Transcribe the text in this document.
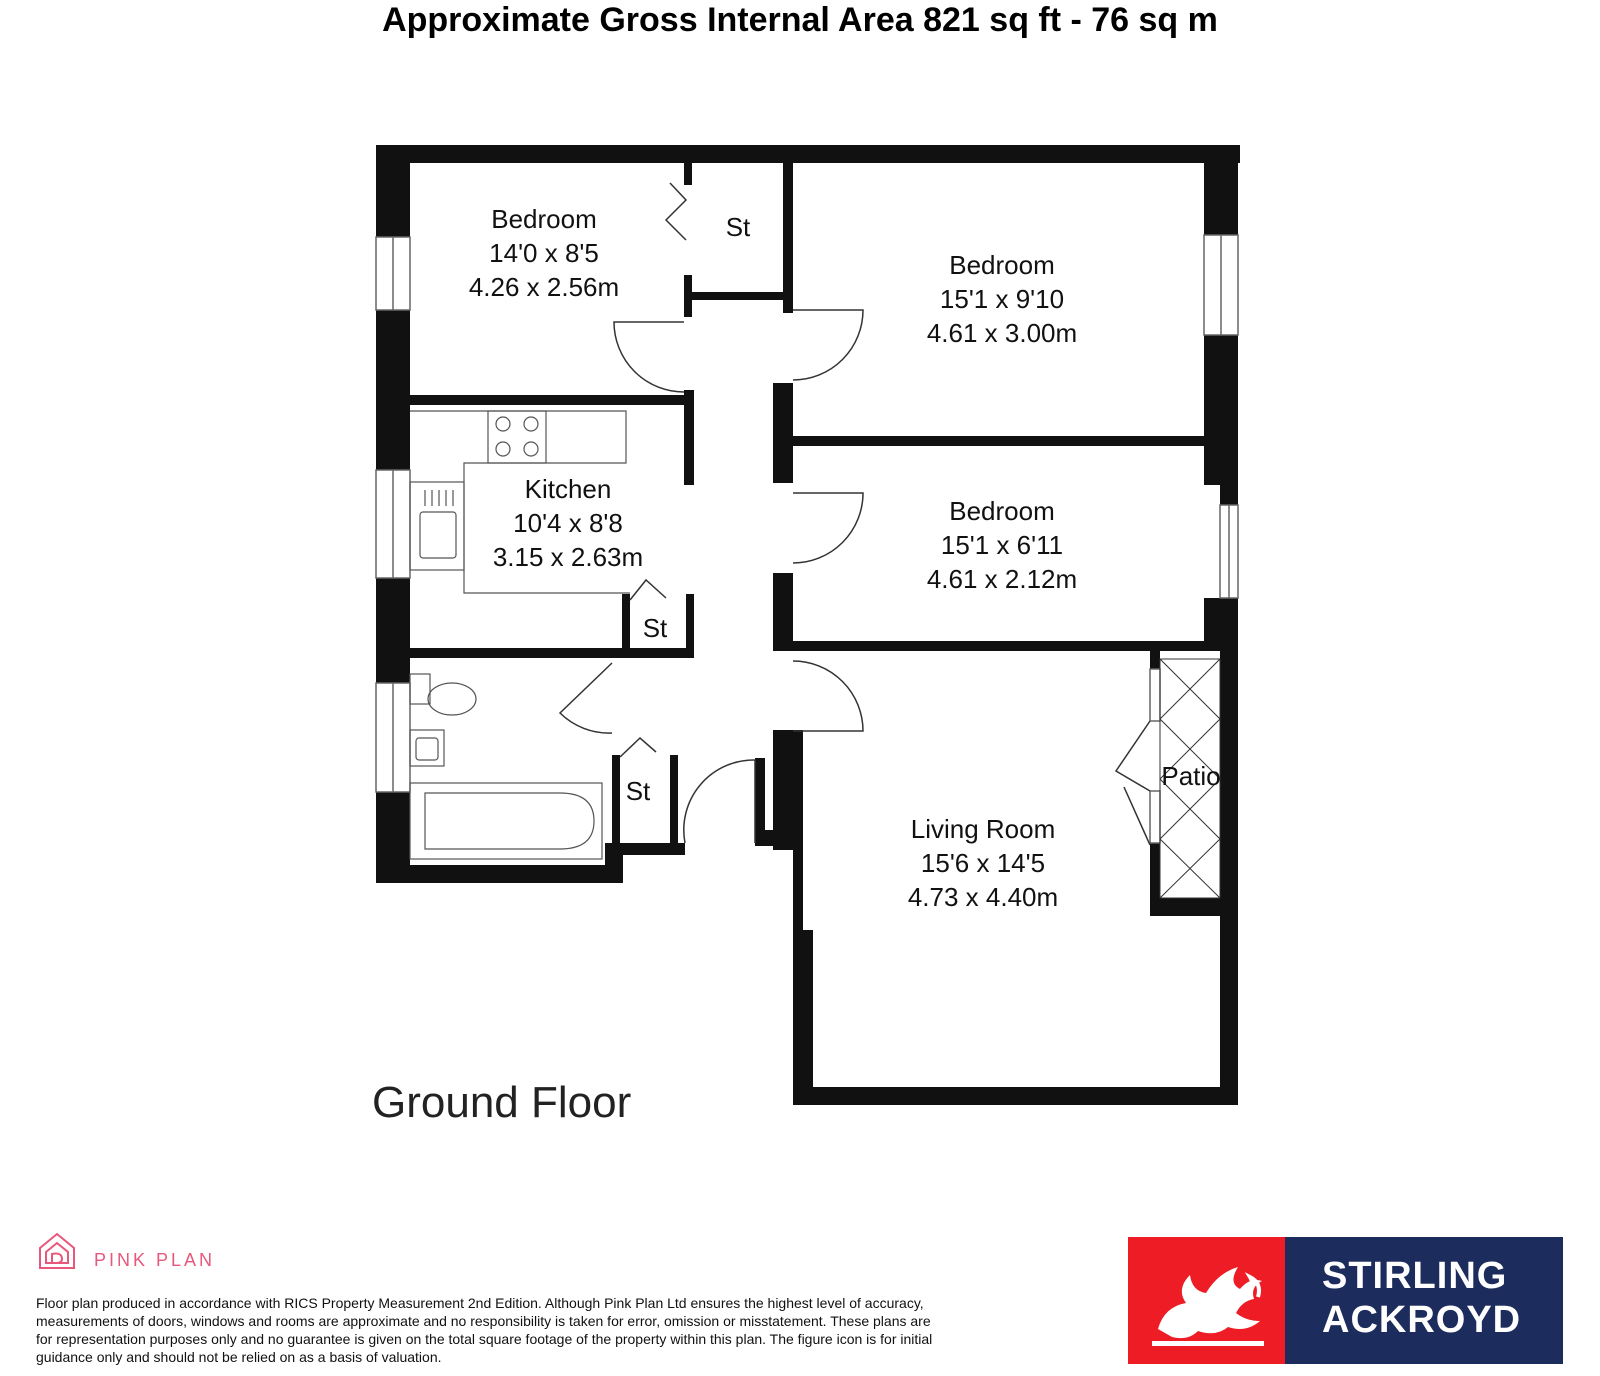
Approximate Gross Internal Area 821 sq ft - 76 sq m
Bedroom
14'0 x 8'5
4.26 x 2.56m
Bedroom
15'1 x 9'10
4.61 x 3.00m
Kitchen
10'4 x 8'8
3.15 x 2.63m
Bedroom
15'1 x 6'11
4.61 x 2.12m
Living Room
15'6 x 14'5
4.73 x 4.40m
St
St
St	Patio
Ground Floor
PINK PLAN
Floor plan produced in accordance with RICS Property Measurement 2nd Edition. Although Pink Plan Ltd ensures the highest level of accuracy, measurements of doors, windows and rooms are approximate and no responsibility is taken for error, omission or misstatement. These plans are for representation purposes only and no guarantee is given on the total square footage of the property within this plan. The figure icon is for initial guidance only and should not be relied on as a basis of valuation.
STIRLING
ACKROYD
